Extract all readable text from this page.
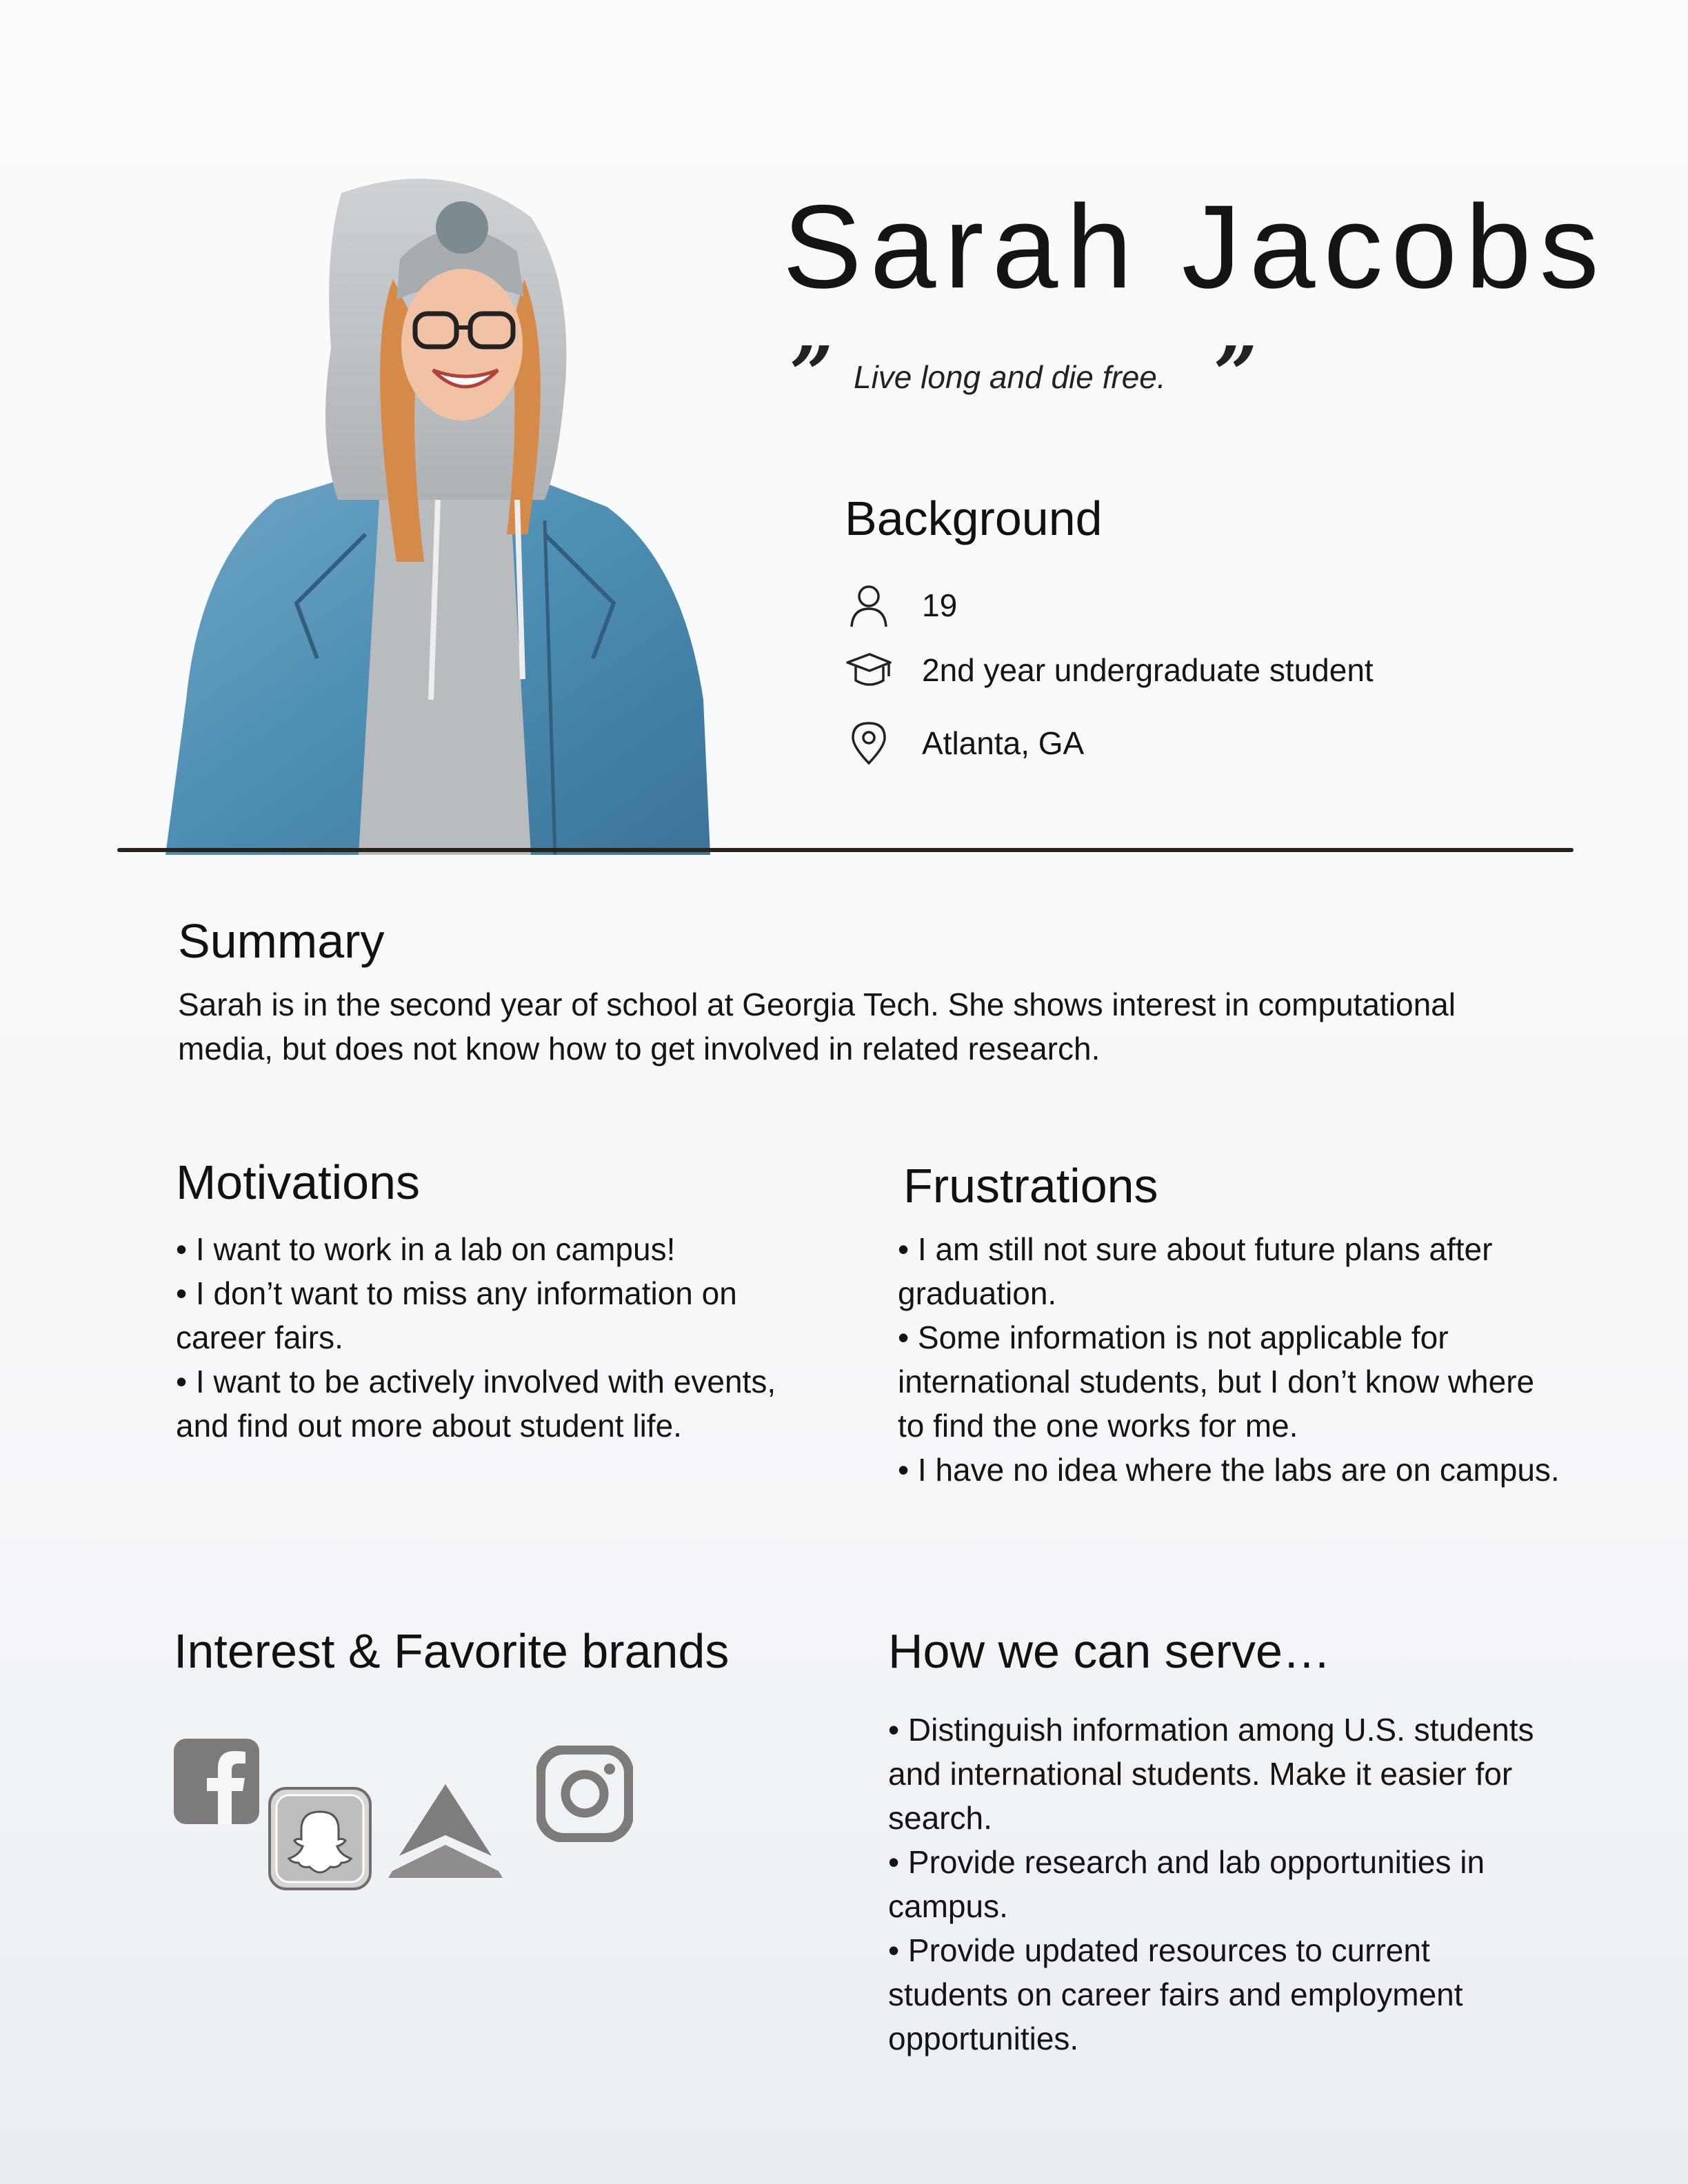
Sarah Jacobs
” Live long and die free. ”
Background
19
2nd year undergraduate student
Atlanta, GA
Summary
Sarah is in the second year of school at Georgia Tech. She shows interest in computational media, but does not know how to get involved in related research.
Motivations
• I want to work in a lab on campus!
• I don’t want to miss any information on career fairs.
• I want to be actively involved with events, and find out more about student life.
Frustrations
• I am still not sure about future plans after graduation.
• Some information is not applicable for international students, but I don’t know where to find the one works for me.
• I have no idea where the labs are on campus.
Interest & Favorite brands	How we can serve…
• Distinguish information among U.S. students and international students. Make it easier for search.
• Provide research and lab opportunities in campus.
• Provide updated resources to current students on career fairs and employment opportunities.
